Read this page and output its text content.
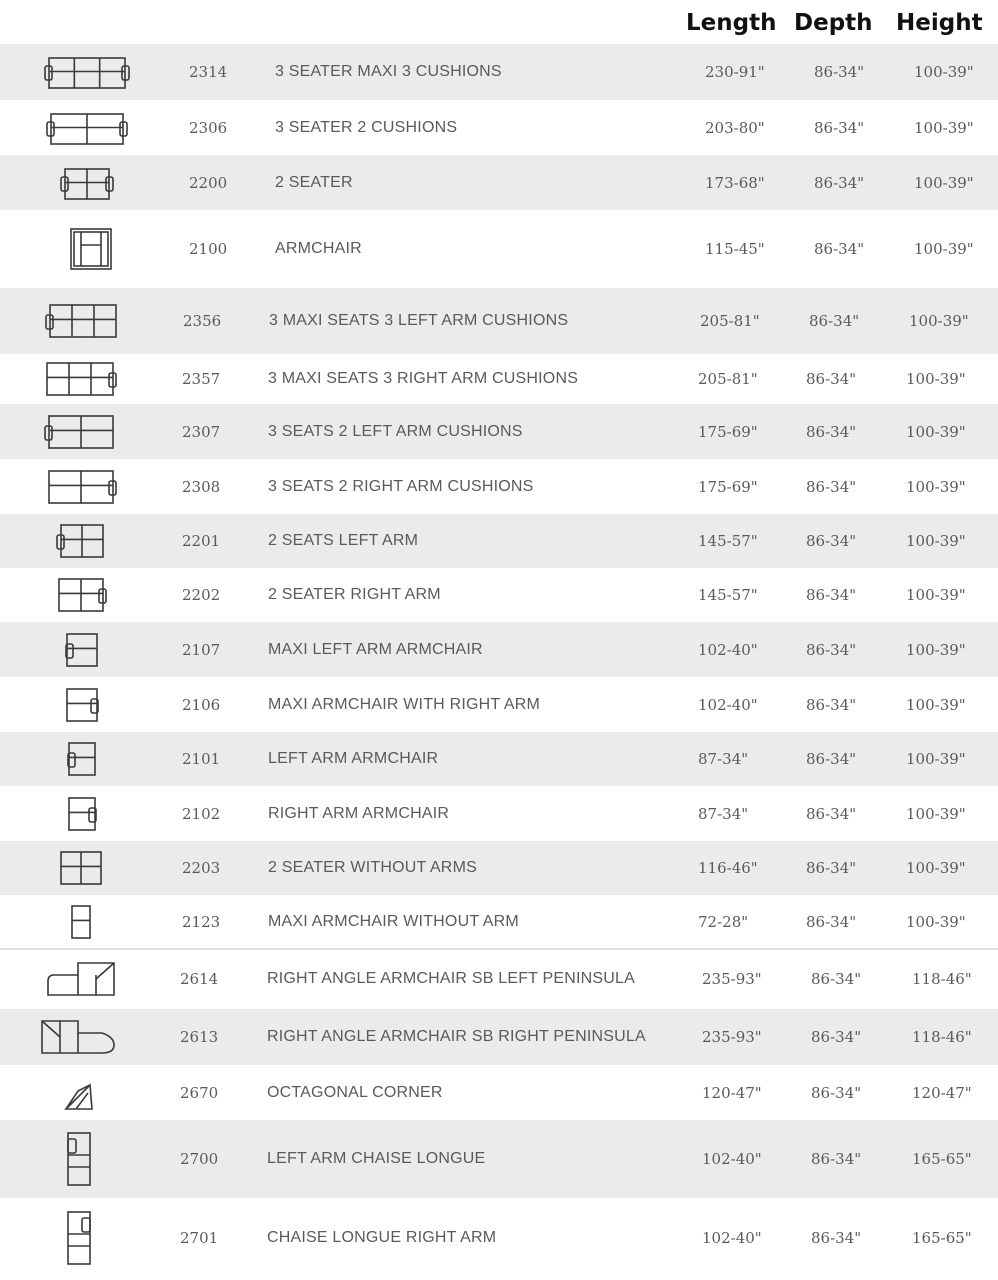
Length Depth Height
2314	3 SEATER MAXI 3 CUSHIONS	230-91"	86-34"	100-39"
2306	3 SEATER 2 CUSHIONS	203-80"	86-34"	100-39"
2200	2 SEATER	173-68"	86-34"	100-39"
2100	ARMCHAIR	115-45"	86-34"	100-39"
2356	3 MAXI SEATS 3 LEFT ARM CUSHIONS	205-81"	86-34"	100-39"
2357	3 MAXI SEATS 3 RIGHT ARM CUSHIONS	205-81"	86-34"	100-39"
2307	3 SEATS 2 LEFT ARM CUSHIONS	175-69"	86-34"	100-39"
2308	3 SEATS 2 RIGHT ARM CUSHIONS	175-69"	86-34"	100-39"
2201	2 SEATS LEFT ARM	145-57"	86-34"	100-39"
2202	2 SEATER RIGHT ARM	145-57"	86-34"	100-39"
2107	MAXI LEFT ARM ARMCHAIR	102-40"	86-34"	100-39"
2106	MAXI ARMCHAIR WITH RIGHT ARM	102-40"	86-34"	100-39"
2101	LEFT ARM ARMCHAIR	87-34"	86-34"	100-39"
2102	RIGHT ARM ARMCHAIR	87-34"	86-34"	100-39"
2203	2 SEATER WITHOUT ARMS	116-46"	86-34"	100-39"
2123	MAXI ARMCHAIR WITHOUT ARM	72-28"	86-34"	100-39"
2614	RIGHT ANGLE ARMCHAIR SB LEFT PENINSULA	235-93"	86-34"	118-46"
2613	RIGHT ANGLE ARMCHAIR SB RIGHT PENINSULA	235-93"	86-34"	118-46"
2670	OCTAGONAL CORNER	120-47"	86-34"	120-47"
2700	LEFT ARM CHAISE LONGUE	102-40"	86-34"	165-65"
2701	CHAISE LONGUE RIGHT ARM	102-40"	86-34"	165-65"
